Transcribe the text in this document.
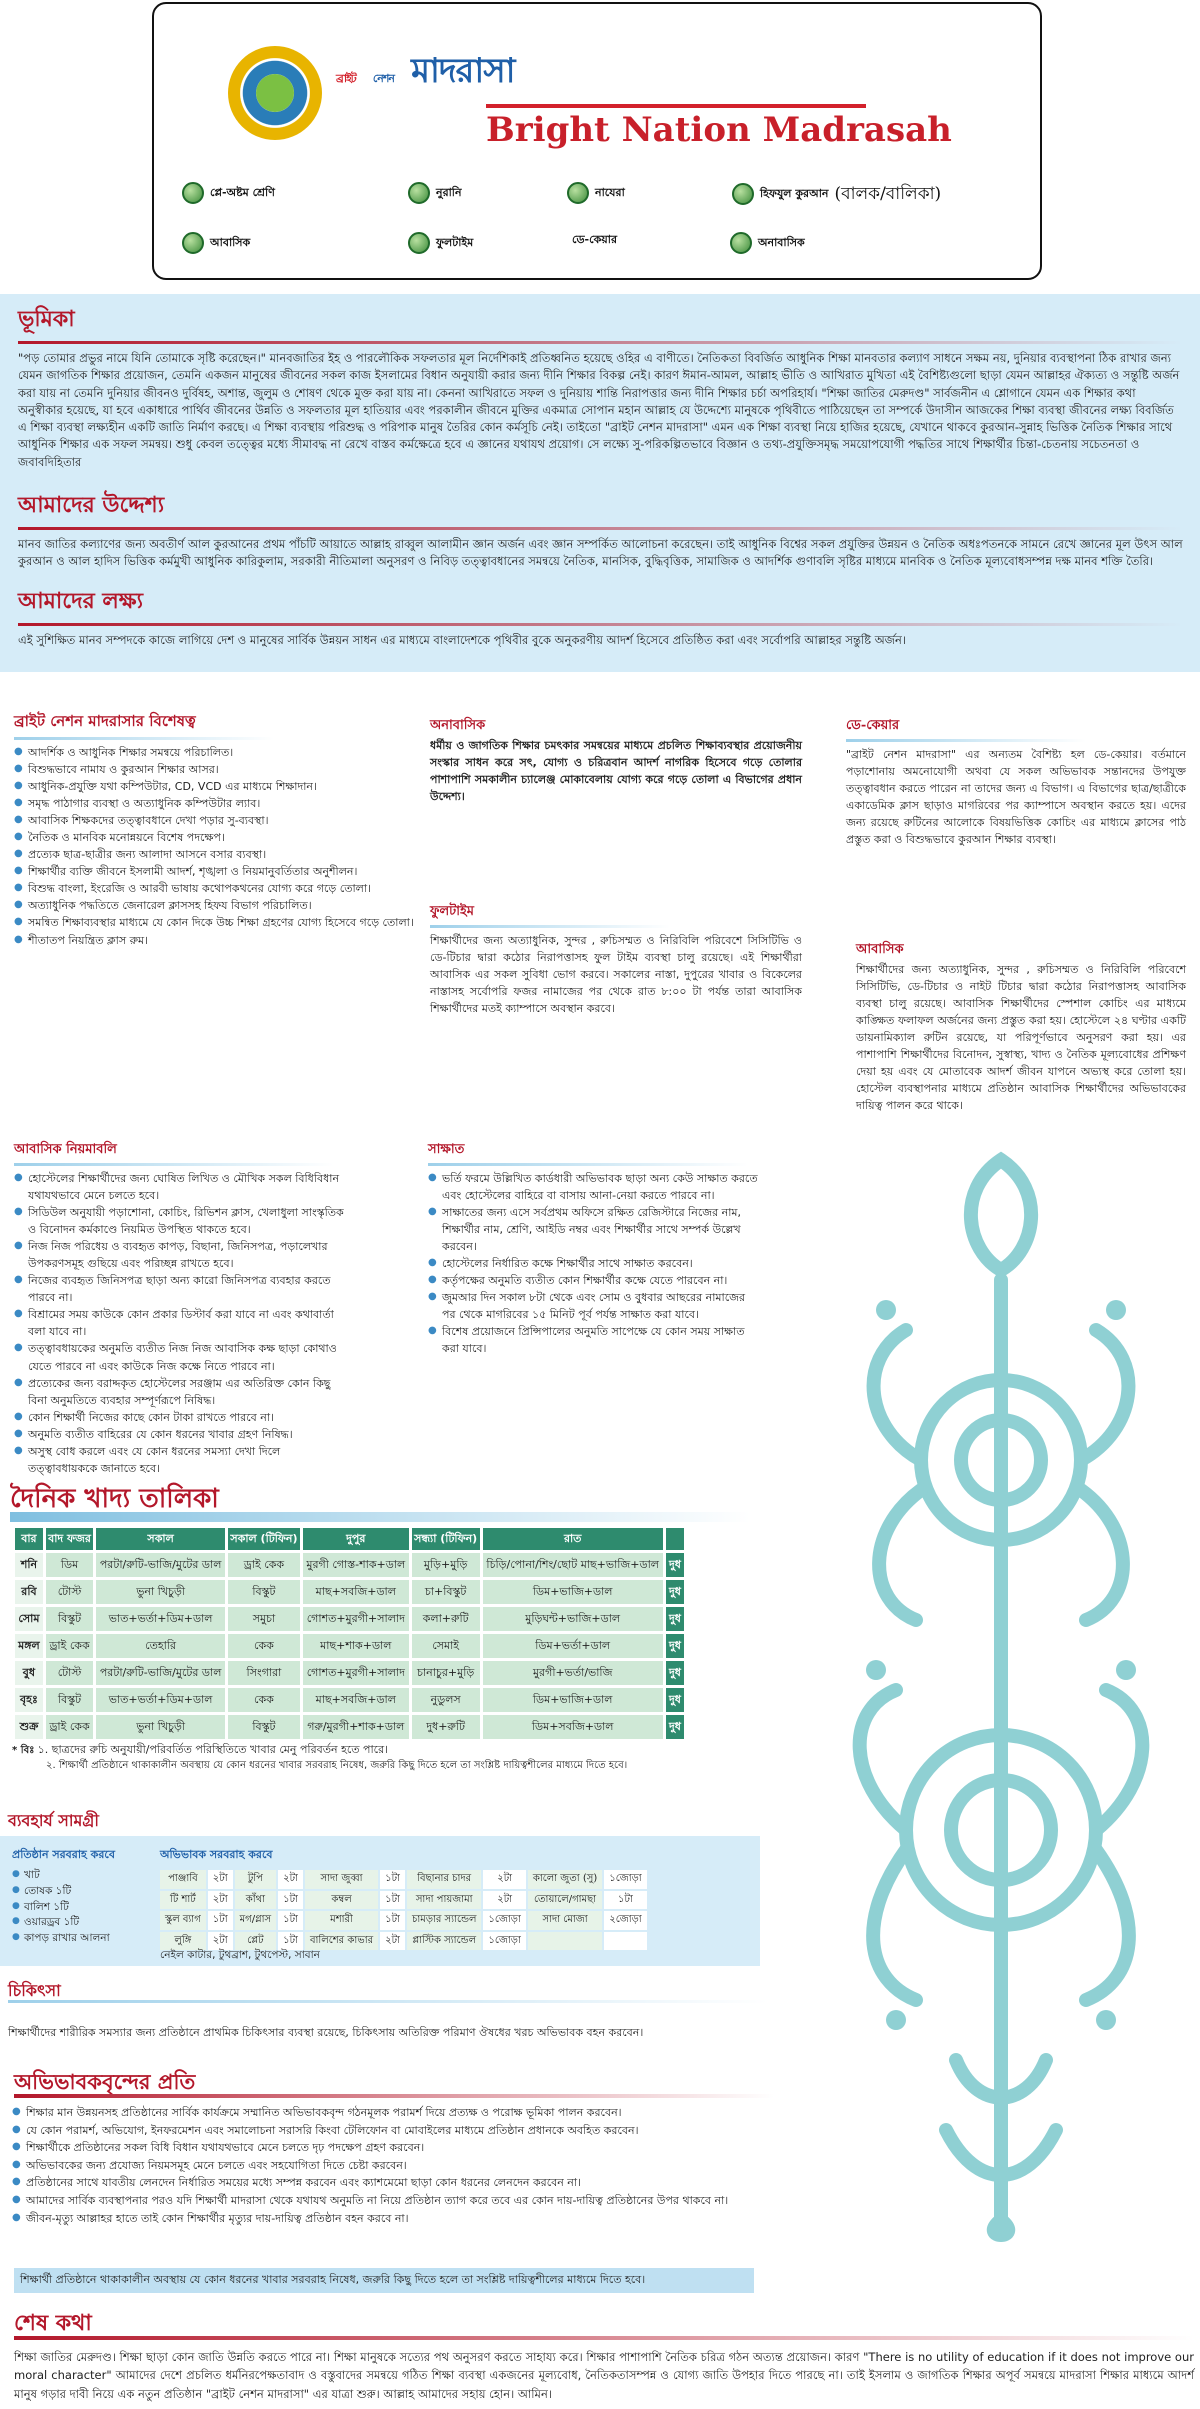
ব্রাইট নেশন মাদরাসা
Bright Nation Madrasah
প্লে-অষ্টম শ্রেণি	নুরানি	নাযেরা	হিফযুল কুরআন (বালক/বালিকা)
আবাসিক	ফুলটাইম	ডে-কেয়ার	অনাবাসিক
ভূমিকা

"পড় তোমার প্রভুর নামে যিনি তোমাকে সৃষ্টি করেছেন।" মানবজাতির ইহ ও পারলৌকিক সফলতার মূল নির্দেশিকাই প্রতিধ্বনিত হয়েছে ওহির এ বাণীতে। নৈতিকতা বিবর্জিত আধুনিক শিক্ষা মানবতার কল্যাণ সাধনে সক্ষম নয়, দুনিয়ার ব্যবস্থাপনা ঠিক রাখার জন্য যেমন জাগতিক শিক্ষার প্রয়োজন, তেমনি একজন মানুষের জীবনের সকল কাজ ইসলামের বিধান অনুযায়ী করার জন্য দীনি শিক্ষার বিকল্প নেই। কারণ ঈমান-আমল, আল্লাহ ভীতি ও আখিরাত মুখিতা এই বৈশিষ্ট্যগুলো ছাড়া যেমন আল্লাহর ঐক্যত্য ও সন্তুষ্টি অর্জন করা যায় না তেমনি দুনিয়ার জীবনও দুর্বিষহ, অশান্ত, জুলুম ও শোষণ থেকে মুক্ত করা যায় না। কেননা আখিরাতে সফল ও দুনিয়ায় শান্তি নিরাপত্তার জন্য দীনি শিক্ষার চর্চা অপরিহার্য। "শিক্ষা জাতির মেরুদণ্ড" সার্বজনীন এ শ্লোগানে যেমন এক শিক্ষার কথা অনুস্বীকার হয়েছে, যা হবে একাধারে পার্থিব জীবনের উন্নতি ও সফলতার মূল হাতিয়ার এবং পরকালীন জীবনে মুক্তির একমাত্র সোপান মহান আল্লাহ যে উদ্দেশ্যে মানুষকে পৃথিবীতে পাঠিয়েছেন তা সম্পর্কে উদাসীন আজকের শিক্ষা ব্যবস্থা জীবনের লক্ষ্য বিবর্জিত এ শিক্ষা ব্যবস্থা লক্ষ্যহীন একটি জাতি নির্মাণ করছে। এ শিক্ষা ব্যবস্থায় পরিশুদ্ধ ও পরিপাক মানুষ তৈরির কোন কর্মসূচি নেই। তাইতো "ব্রাইট নেশন মাদরাসা" এমন এক শিক্ষা ব্যবস্থা নিয়ে হাজির হয়েছে, যেখানে থাকবে কুরআন-সুন্নাহ ভিত্তিক নৈতিক শিক্ষার সাথে আধুনিক শিক্ষার এক সফল সমন্বয়। শুধু কেবল তত্ত্বের মধ্যে সীমাবদ্ধ না রেখে বাস্তব কর্মক্ষেত্রে হবে এ জ্ঞানের যথাযথ প্রয়োগ। সে লক্ষ্যে সু-পরিকল্পিতভাবে বিজ্ঞান ও তথ্য-প্রযুক্তিসমৃদ্ধ সময়োপযোগী পদ্ধতির সাথে শিক্ষার্থীর চিন্তা-চেতনায় সচেতনতা ও জবাবদিহিতার

আমাদের উদ্দেশ্য

মানব জাতির কল্যাণের জন্য অবতীর্ণ আল কুরআনের প্রথম পাঁচটি আয়াতে আল্লাহ রাব্বুল আলামীন জ্ঞান অর্জন এবং জ্ঞান সম্পর্কিত আলোচনা করেছেন। তাই আধুনিক বিশ্বের সকল প্রযুক্তির উন্নয়ন ও নৈতিক অধঃপতনকে সামনে রেখে জ্ঞানের মূল উৎস আল কুরআন ও আল হাদিস ভিত্তিক কর্মমুখী আধুনিক কারিকুলাম, সরকারী নীতিমালা অনুসরণ ও নিবিড় তত্ত্বাবধানের সমন্বয়ে নৈতিক, মানসিক, বুদ্ধিবৃত্তিক, সামাজিক ও আদর্শিক গুণাবলি সৃষ্টির মাধ্যমে মানবিক ও নৈতিক মূল্যবোধসম্পন্ন দক্ষ মানব শক্তি তৈরি।

আমাদের লক্ষ্য

এই সুশিক্ষিত মানব সম্পদকে কাজে লাগিয়ে দেশ ও মানুষের সার্বিক উন্নয়ন সাধন এর মাধ্যমে বাংলাদেশকে পৃথিবীর বুকে অনুকরণীয় আদর্শ হিসেবে প্রতিষ্ঠিত করা এবং সর্বোপরি আল্লাহর সন্তুষ্টি অর্জন।

ব্রাইট নেশন মাদরাসার বিশেষত্ব
● আদর্শিক ও আধুনিক শিক্ষার সমন্বয়ে পরিচালিত।
● বিশুদ্ধভাবে নামায ও কুরআন শিক্ষার আসর।
● আধুনিক-প্রযুক্তি যথা কম্পিউটার, CD, VCD এর মাধ্যমে শিক্ষাদান।
● সমৃদ্ধ পাঠাগার ব্যবস্থা ও অত্যাধুনিক কম্পিউটার ল্যাব।
● আবাসিক শিক্ষকদের তত্ত্বাবধানে দেখা পড়ার সু-ব্যবস্থা।
● নৈতিক ও মানবিক মনোন্নয়নে বিশেষ পদক্ষেপ।
● প্রত্যেক ছাত্র-ছাত্রীর জন্য আলাদা আসনে বসার ব্যবস্থা।
● শিক্ষার্থীর ব্যক্তি জীবনে ইসলামী আদর্শ, শৃঙ্খলা ও নিয়মানুবর্তিতার অনুশীলন।
● বিশুদ্ধ বাংলা, ইংরেজি ও আরবী ভাষায় কথোপকথনের যোগ্য করে গড়ে তোলা।
● অত্যাধুনিক পদ্ধতিতে জেনারেল ক্লাসসহ হিফয বিভাগ পরিচালিত।
● সমন্বিত শিক্ষাব্যবস্থার মাধ্যমে যে কোন দিকে উচ্চ শিক্ষা গ্রহণের যোগ্য হিসেবে গড়ে তোলা।
● শীতাতপ নিয়ন্ত্রিত ক্লাস রুম।
অনাবাসিক

ধর্মীয় ও জাগতিক শিক্ষার চমৎকার সমন্বয়ের মাধ্যমে প্রচলিত শিক্ষাব্যবস্থার প্রয়োজনীয় সংস্কার সাধন করে সৎ, যোগ্য ও চরিত্রবান আদর্শ নাগরিক হিসেবে গড়ে তোলার পাশাপাশি সমকালীন চ্যালেঞ্জ মোকাবেলায় যোগ্য করে গড়ে তোলা এ বিভাগের প্রধান উদ্দেশ্য।

ডে-কেয়ার

"ব্রাইট নেশন মাদরাসা" এর অন্যতম বৈশিষ্ট্য হল ডে-কেয়ার। বর্তমানে পড়াশোনায় অমনোযোগী অথবা যে সকল অভিভাবক সন্তানদের উপযুক্ত তত্ত্বাবধান করতে পারেন না তাদের জন্য এ বিভাগ। এ বিভাগের ছাত্র/ছাত্রীকে একাডেমিক ক্লাস ছাড়াও মাগরিবের পর ক্যাম্পাসে অবস্থান করতে হয়। এদের জন্য রয়েছে রুটিনের আলোকে বিষয়ভিত্তিক কোচিং এর মাধ্যমে ক্লাসের পাঠ প্রস্তুত করা ও বিশুদ্ধভাবে কুরআন শিক্ষার ব্যবস্থা।

ফুলটাইম

শিক্ষার্থীদের জন্য অত্যাধুনিক, সুন্দর , রুচিসম্মত ও নিরিবিলি পরিবেশে সিসিটিভি ও ডে-টিচার দ্বারা কঠোর নিরাপত্তাসহ ফুল টাইম ব্যবস্থা চালু রয়েছে। এই শিক্ষার্থীরা আবাসিক এর সকল সুবিধা ভোগ করবে। সকালের নাস্তা, দুপুরের খাবার ও বিকেলের নাস্তাসহ সর্বোপরি ফজর নামাজের পর থেকে রাত ৮:০০ টা পর্যন্ত তারা আবাসিক শিক্ষার্থীদের মতই ক্যাম্পাসে অবস্থান করবে।

আবাসিক

শিক্ষার্থীদের জন্য অত্যাধুনিক, সুন্দর , রুচিসম্মত ও নিরিবিলি পরিবেশে সিসিটিভি, ডে-টিচার ও নাইট টিচার দ্বারা কঠোর নিরাপত্তাসহ আবাসিক ব্যবস্থা চালু রয়েছে। আবাসিক শিক্ষার্থীদের স্পেশাল কোচিং এর মাধ্যমে কাঙ্ক্ষিত ফলাফল অর্জনের জন্য প্রস্তুত করা হয়। হোস্টেলে ২৪ ঘণ্টার একটি ডায়নামিক্যাল রুটিন রয়েছে, যা পরিপূর্ণভাবে অনুসরণ করা হয়। এর পাশাপাশি শিক্ষার্থীদের বিনোদন, সুস্বাস্থ্য, খাদ্য ও নৈতিক মূল্যবোধের প্রশিক্ষণ দেয়া হয় এবং যে মোতাবেক আদর্শ জীবন যাপনে অভ্যস্থ করে তোলা হয়। হোস্টেল ব্যবস্থাপনার মাধ্যমে প্রতিষ্ঠান আবাসিক শিক্ষার্থীদের অভিভাবকের দায়িত্ব পালন করে থাকে।

আবাসিক নিয়মাবলি
● হোস্টেলের শিক্ষার্থীদের জন্য ঘোষিত লিখিত ও মৌখিক সকল বিধিবিধান যথাযথভাবে মেনে চলতে হবে।
● সিডিউল অনুযায়ী পড়াশোনা, কোচিং, রিভিশন ক্লাস, খেলাধুলা সাংস্কৃতিক ও বিনোদন কর্মকাণ্ডে নিয়মিত উপস্থিত থাকতে হবে।
● নিজ নিজ পরিধেয় ও ব্যবহৃত কাপড়, বিছানা, জিনিসপত্র, পড়ালেখার উপকরণসমূহ গুছিয়ে এবং পরিচ্ছন্ন রাখতে হবে।
● নিজের ব্যবহৃত জিনিসপত্র ছাড়া অন্য কারো জিনিসপত্র ব্যবহার করতে পারবে না।
● বিশ্রামের সময় কাউকে কোন প্রকার ডিস্টার্ব করা যাবে না এবং কথাবার্তা বলা যাবে না।
● তত্ত্বাবধায়কের অনুমতি ব্যতীত নিজ নিজ আবাসিক কক্ষ ছাড়া কোথাও যেতে পারবে না এবং কাউকে নিজ কক্ষে নিতে পারবে না।
● প্রত্যেকের জন্য বরাদ্দকৃত হোস্টেলের সরঞ্জাম এর অতিরিক্ত কোন কিছু বিনা অনুমতিতে ব্যবহার সম্পূর্ণরূপে নিষিদ্ধ।
● কোন শিক্ষার্থী নিজের কাছে কোন টাকা রাখতে পারবে না।
● অনুমতি ব্যতীত বাহিরের যে কোন ধরনের খাবার গ্রহণ নিষিদ্ধ।
● অসুস্থ বোধ করলে এবং যে কোন ধরনের সমস্যা দেখা দিলে তত্ত্বাবধায়ককে জানাতে হবে।
সাক্ষাত
● ভর্তি ফরমে উল্লিখিত কার্ডধারী অভিভাবক ছাড়া অন্য কেউ সাক্ষাত করতে এবং হোস্টেলের বাহিরে বা বাসায় আনা-নেয়া করতে পারবে না।
● সাক্ষাতের জন্য এসে সর্বপ্রথম অফিসে রক্ষিত রেজিস্টারে নিজের নাম, শিক্ষার্থীর নাম, শ্রেণি, আইডি নম্বর এবং শিক্ষার্থীর সাথে সম্পর্ক উল্লেখ করবেন।
● হোস্টেলের নির্ধারিত কক্ষে শিক্ষার্থীর সাথে সাক্ষাত করবেন।
● কর্তৃপক্ষের অনুমতি ব্যতীত কোন শিক্ষার্থীর কক্ষে যেতে পারবেন না।
● জুমআর দিন সকাল ৮টা থেকে এবং সোম ও বুধবার আছরের নামাজের পর থেকে মাগরিবের ১৫ মিনিট পূর্ব পর্যন্ত সাক্ষাত করা যাবে।
● বিশেষ প্রয়োজনে প্রিন্সিপালের অনুমতি সাপেক্ষে যে কোন সময় সাক্ষাত করা যাবে।
দৈনিক খাদ্য তালিকা
বার	বাদ ফজর	সকাল	সকাল (টিফিন)	দুপুর	সন্ধ্যা (টিফিন)	রাত	
শনি	ডিম	পরটা/রুটি-ভাজি/মুটের ডাল	ড্রাই কেক	মুরগী গোস্ত-শাক+ডাল	মুড়ি+মুড়ি	চিড়ি/পোনা/শিং/ছোট মাছ+ভাজি+ডাল	দুধ
রবি	টোস্ট	ভুনা খিচুড়ী	বিস্কুট	মাছ+সবজি+ডাল	চা+বিস্কুট	ডিম+ভাজি+ডাল	দুধ
সোম	বিস্কুট	ভাত+ভর্তা+ডিম+ডাল	সমুচা	গোশত+মুরগী+সালাদ	কলা+রুটি	মুড়িঘন্ট+ভাজি+ডাল	দুধ
মঙ্গল	ড্রাই কেক	তেহারি	কেক	মাছ+শাক+ডাল	সেমাই	ডিম+ভর্তা+ডাল	দুধ
বুধ	টোস্ট	পরটা/রুটি-ভাজি/মুটের ডাল	সিংগারা	গোশত+মুরগী+সালাদ	চানাচুর+মুড়ি	মুরগী+ভর্তা/ভাজি	দুধ
বৃহঃ	বিস্কুট	ভাত+ভর্তা+ডিম+ডাল	কেক	মাছ+সবজি+ডাল	নুডুলস	ডিম+ভাজি+ডাল	দুধ
শুক্র	ড্রাই কেক	ভুনা খিচুড়ী	বিস্কুট	গরু/মুরগী+শাক+ডাল	দুধ+রুটি	ডিম+সবজি+ডাল	দুধ

* বিঃ ১. ছাত্রদের রুচি অনুযায়ী/পরিবর্তিত পরিস্থিতিতে খাবার মেনু পরিবর্তন হতে পারে।

২. শিক্ষার্থী প্রতিষ্ঠানে থাকাকালীন অবস্থায় যে কোন ধরনের খাবার সরবরাহ নিষেধ, জরুরি কিছু দিতে হলে তা সংশ্লিষ্ট দায়িত্বশীলের মাধ্যমে দিতে হবে।

ব্যবহার্য সামগ্রী
প্রতিষ্ঠান সরবরাহ করবে
● খাট
● তোষক ১টি
● বালিশ ১টি
● ওয়ারড্রব ১টি
● কাপড় রাখার আলনা
অভিভাবক সরবরাহ করবে
পাঞ্জাবি	২টা	টুপি	২টা	সাদা জুব্বা	১টা	বিছানার চাদর	২টা	কালো জুতা (সু)	১জোড়া
টি শার্ট	২টা	কাঁথা	১টা	কম্বল	১টা	সাদা পায়জামা	২টা	তোয়ালে/গামছা	১টা
স্কুল ব্যাগ	১টা	মগ/গ্লাস	১টা	মশারী	১টা	চামড়ার স্যান্ডেল	১জোড়া	সাদা মোজা	২জোড়া
লুঙ্গি	২টা	প্লেট	১টা	বালিশের কাভার	২টা	প্লাস্টিক স্যান্ডেল	১জোড়া		
নেইল কাটার, টুথব্রাশ, টুথপেস্ট, সাবান
চিকিৎসা
শিক্ষার্থীদের শারীরিক সমস্যার জন্য প্রতিষ্ঠানে প্রাথমিক চিকিৎসার ব্যবস্থা রয়েছে, চিকিৎসায় অতিরিক্ত পরিমাণ ঔষধের খরচ অভিভাবক বহন করবেন।
অভিভাবকবৃন্দের প্রতি
● শিক্ষার মান উন্নয়নসহ প্রতিষ্ঠানের সার্বিক কার্যক্রমে সম্মানিত অভিভাবকবৃন্দ গঠনমূলক পরামর্শ দিয়ে প্রত্যক্ষ ও পরোক্ষ ভূমিকা পালন করবেন।
● যে কোন পরামর্শ, অভিযোগ, ইনফরমেশন এবং সমালোচনা সরাসরি কিংবা টেলিফোন বা মোবাইলের মাধ্যমে প্রতিষ্ঠান প্রধানকে অবহিত করবেন।
● শিক্ষার্থীকে প্রতিষ্ঠানের সকল বিধি বিধান যথাযথভাবে মেনে চলতে দৃঢ় পদক্ষেপ গ্রহণ করবেন।
● অভিভাবকের জন্য প্রযোজ্য নিয়মসমূহ মেনে চলতে এবং সহযোগিতা দিতে চেষ্টা করবেন।
● প্রতিষ্ঠানের সাথে যাবতীয় লেনদেন নির্ধারিত সময়ের মধ্যে সম্পন্ন করবেন এবং ক্যাশমেমো ছাড়া কোন ধরনের লেনদেন করবেন না।
● আমাদের সার্বিক ব্যবস্থাপনার পরও যদি শিক্ষার্থী মাদরাসা থেকে যথাযথ অনুমতি না নিয়ে প্রতিষ্ঠান ত্যাগ করে তবে এর কোন দায়-দায়িত্ব প্রতিষ্ঠানের উপর থাকবে না।
● জীবন-মৃত্যু আল্লাহর হাতে তাই কোন শিক্ষার্থীর মৃত্যুর দায়-দায়িত্ব প্রতিষ্ঠান বহন করবে না।
শিক্ষার্থী প্রতিষ্ঠানে থাকাকালীন অবস্থায় যে কোন ধরনের খাবার সরবরাহ নিষেধ, জরুরি কিছু দিতে হলে তা সংশ্লিষ্ট দায়িত্বশীলের মাধ্যমে দিতে হবে।
শেষ কথা

শিক্ষা জাতির মেরুদণ্ড। শিক্ষা ছাড়া কোন জাতি উন্নতি করতে পারে না। শিক্ষা মানুষকে সত্যের পথ অনুসরণ করতে সাহায্য করে। শিক্ষার পাশাপাশি নৈতিক চরিত্র গঠন অত্যন্ত প্রয়োজন। কারণ "There is no utility of education if it does not improve our moral character" আমাদের দেশে প্রচলিত ধর্মনিরপেক্ষতাবাদ ও বস্তুবাদের সমন্বয়ে গঠিত শিক্ষা ব্যবস্থা একজনের মূল্যবোধ, নৈতিকতাসম্পন্ন ও যোগ্য জাতি উপহার দিতে পারছে না। তাই ইসলাম ও জাগতিক শিক্ষার অপূর্ব সমন্বয়ে মাদরাসা শিক্ষার মাধ্যমে আদর্শ মানুষ গড়ার দাবী নিয়ে এক নতুন প্রতিষ্ঠান "ব্রাইট নেশন মাদরাসা" এর যাত্রা শুরু। আল্লাহ আমাদের সহায় হোন। আমিন।
